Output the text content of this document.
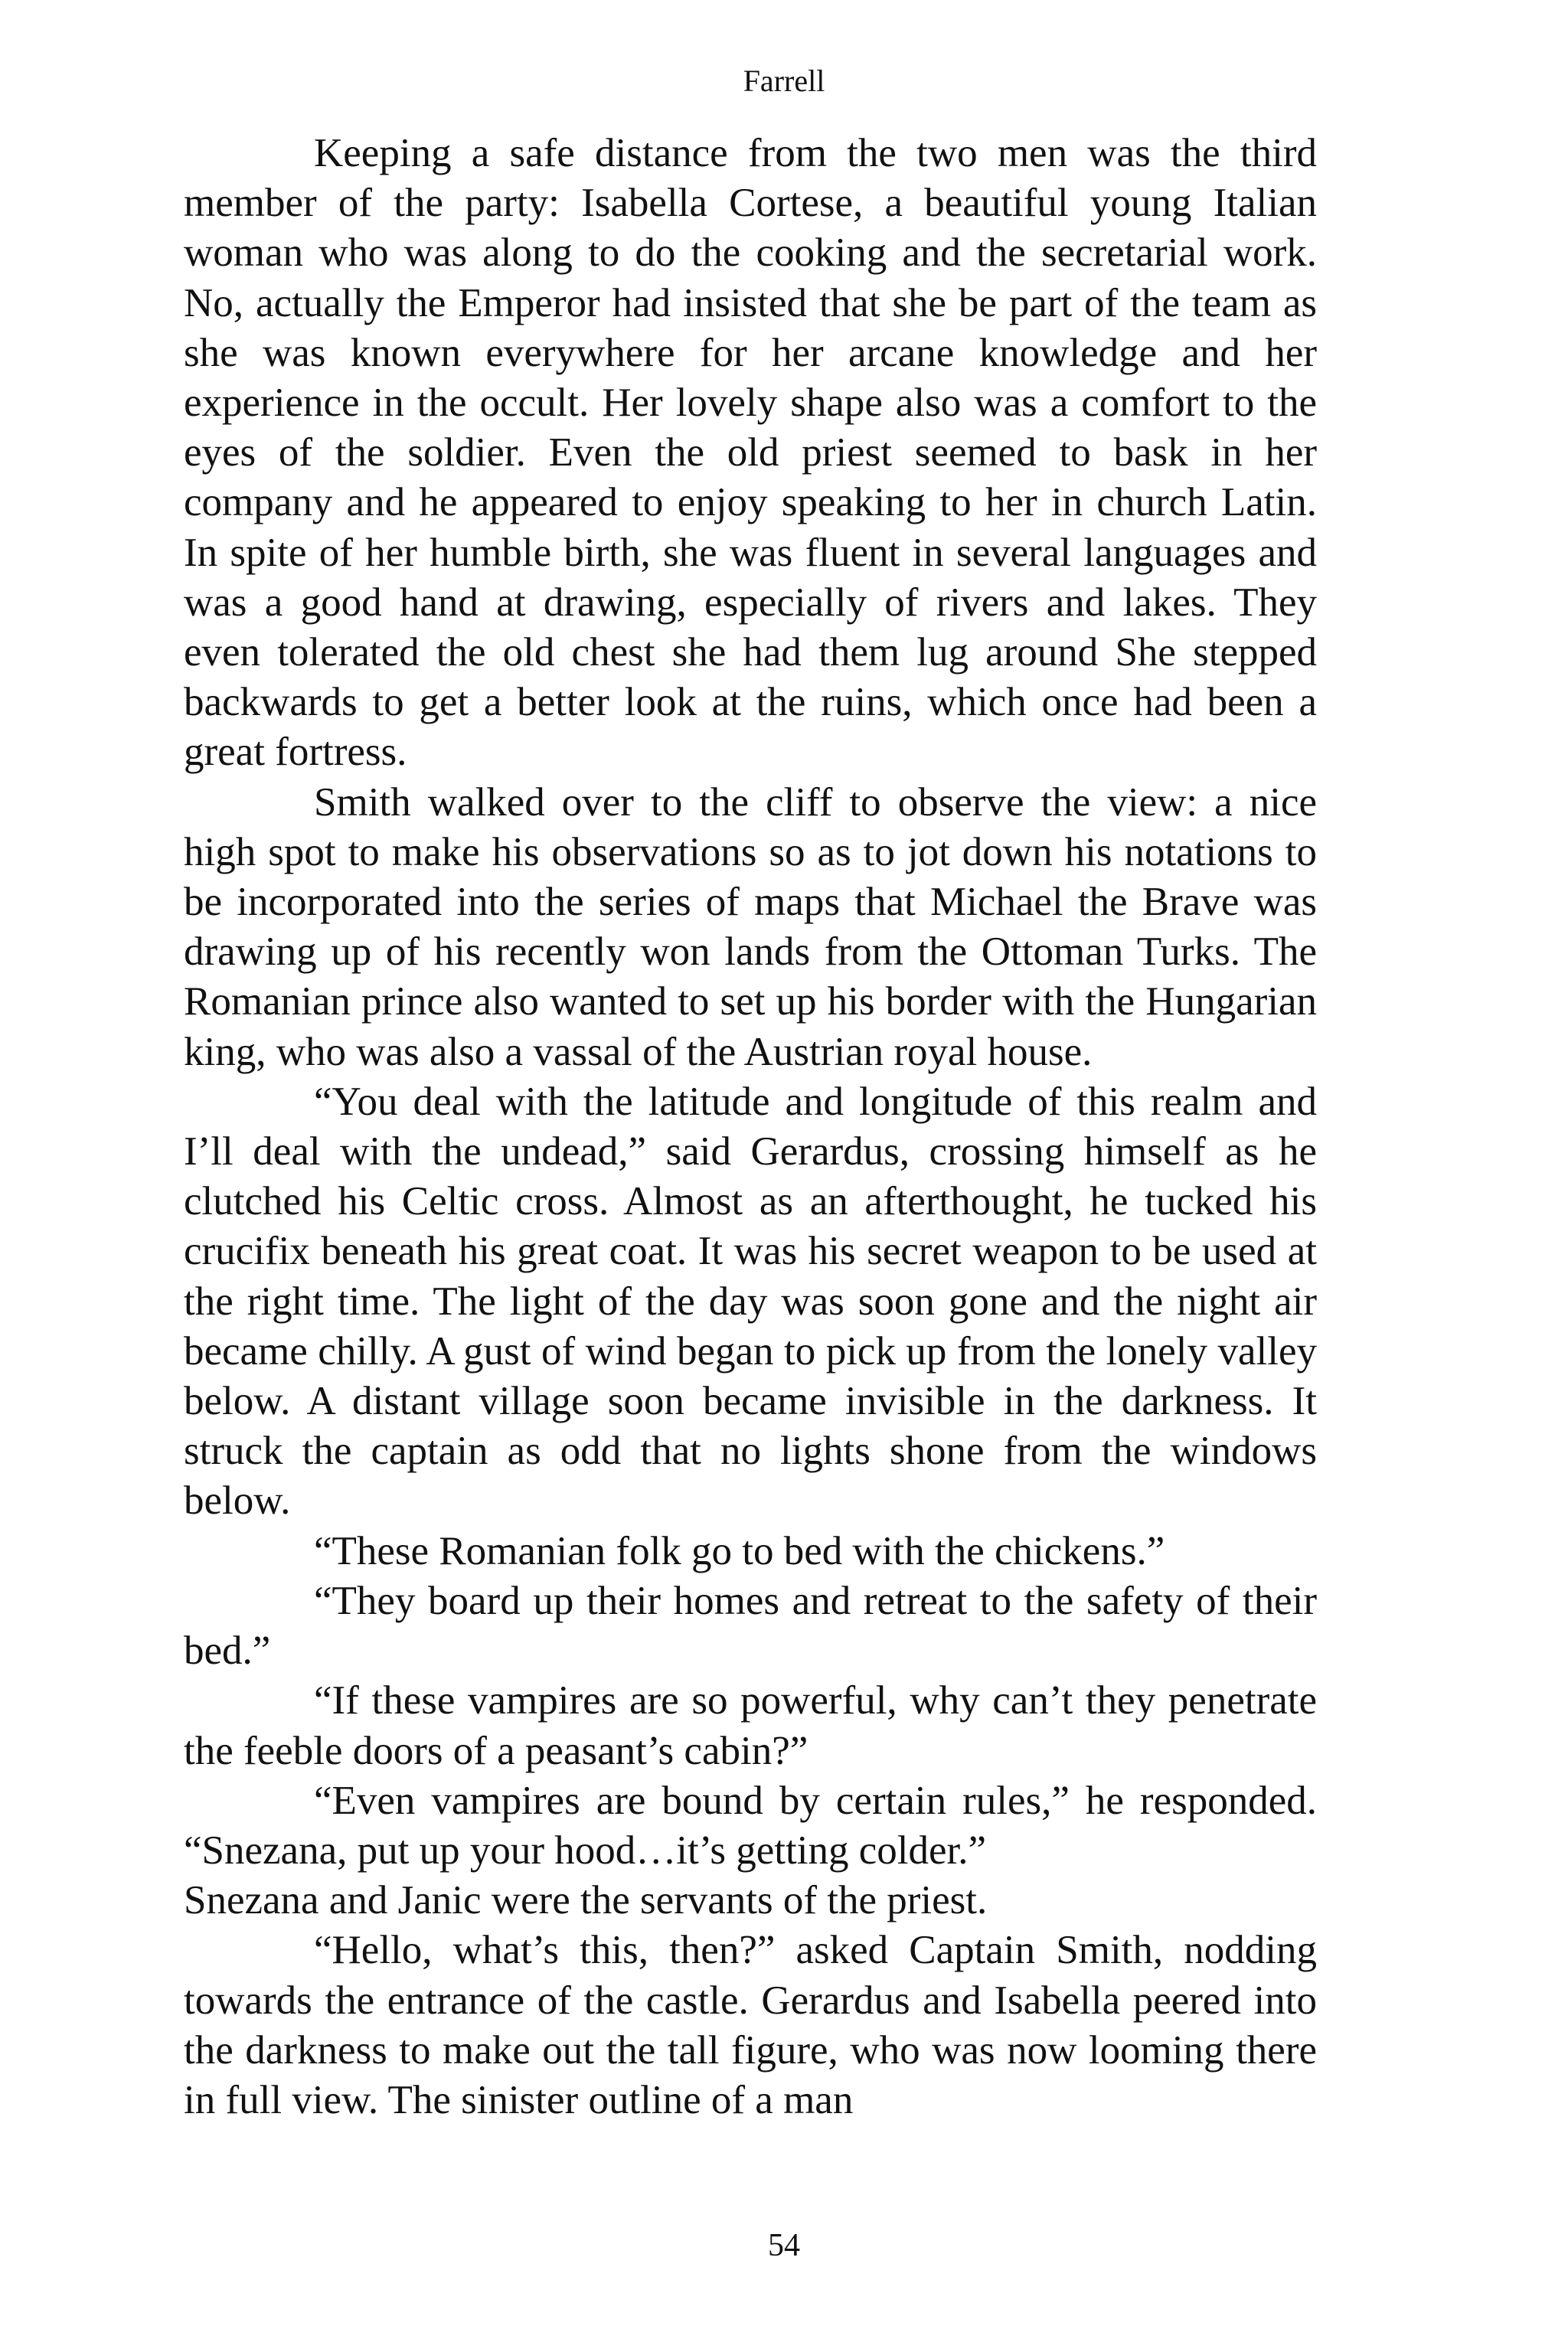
Farrell

Keeping a safe distance from the two men was the third member of the party: Isabella Cortese, a beautiful young Italian woman who was along to do the cooking and the secretarial work. No, actually the Emperor had insisted that she be part of the team as she was known everywhere for her arcane knowledge and her experience in the occult. Her lovely shape also was a comfort to the eyes of the soldier. Even the old priest seemed to bask in her company and he appeared to enjoy speaking to her in church Latin. In spite of her humble birth, she was fluent in several languages and was a good hand at drawing, especially of rivers and lakes. They even tolerated the old chest she had them lug around She stepped backwards to get a better look at the ruins, which once had been a great fortress.

Smith walked over to the cliff to observe the view: a nice high spot to make his observations so as to jot down his notations to be incorporated into the series of maps that Michael the Brave was drawing up of his recently won lands from the Ottoman Turks. The Romanian prince also wanted to set up his border with the Hungarian king, who was also a vassal of the Austrian royal house.

“You deal with the latitude and longitude of this realm and I’ll deal with the undead,” said Gerardus, crossing himself as he clutched his Celtic cross. Almost as an afterthought, he tucked his crucifix beneath his great coat. It was his secret weapon to be used at the right time. The light of the day was soon gone and the night air became chilly. A gust of wind began to pick up from the lonely valley below. A distant village soon became invisible in the darkness. It struck the captain as odd that no lights shone from the windows below.

“These Romanian folk go to bed with the chickens.”

“They board up their homes and retreat to the safety of their bed.”

“If these vampires are so powerful, why can’t they penetrate the feeble doors of a peasant’s cabin?”

“Even vampires are bound by certain rules,” he responded. “Snezana, put up your hood…it’s getting colder.”

Snezana and Janic were the servants of the priest.

“Hello, what’s this, then?” asked Captain Smith, nodding towards the entrance of the castle. Gerardus and Isabella peered into the darkness to make out the tall figure, who was now looming there in full view. The sinister outline of a man

54
